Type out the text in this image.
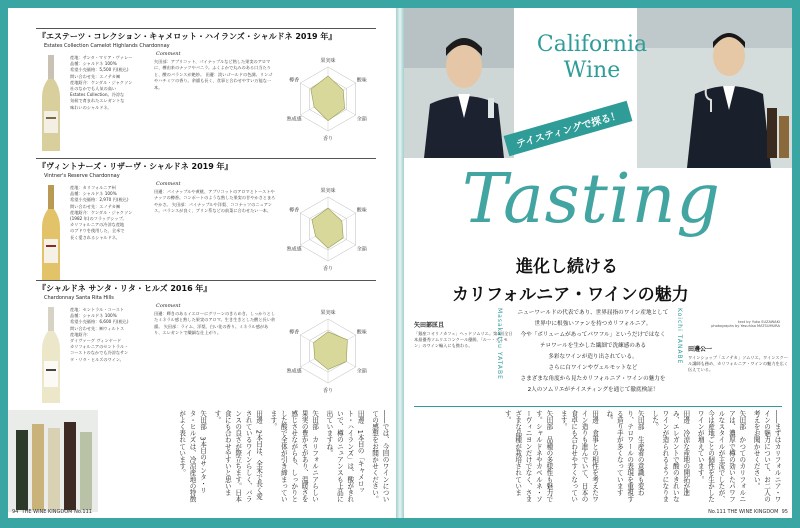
『エステーツ・コレクション・キャメロット・ハイランズ・シャルドネ 2019 年』
Estates Collection Camelot Highlands Chardonnay
産地：サンタ・マリア・ヴァレー
品種：シャルドネ 100%
希望小売価格：5,500 円(税込)
問い合わせ先：エノテカ㈱
産地紹介：ケンダル・ジャクソン
社のなかでも人気の高い
Estates Collection。冷涼な
気候で育まれたエレガントな
味わいのシャルドネ。
Comment
矢田部：アプリコット、パイナップルなど熟した果実のアロマに、樽由来のナッツやバニラ。ふくよかで丸みのある口当たりと、酸のバランスが絶妙。 田邊：淡いゴールドの色調。リンゴやハチミツの香り。余韻も長く、食事と合わせやすい万能な一本。
果実味
酸味
余韻
香り
熟成感
樽香
『ヴィントナーズ・リザーヴ・シャルドネ 2019 年』
Vintner's Reserve Chardonnay
産地：カリフォルニア州
品種：シャルドネ 100%
希望小売価格：2,970 円(税込)
問い合わせ先：エノテカ㈱
産地紹介：ケンダル・ジャクソン
(1982 年)のフラッグシップ。
カリフォルニアの冷涼な産地
のブドウを使用した、全米で
長く愛されるシャルドネ。
Comment
田邊：パイナップルや黄桃、アプリコットのアロマとトーストやナッツの樽香。コンポートのような熟した果実の甘やかさとまろやかさ。 矢田部：パイナップルや洋梨、ココナッツのニュアンス。バランスが良く、ブリン系などの前菜に合わせたい一本。
果実味
酸味
余韻
香り
熟成感
樽香
『シャルドネ サンタ・リタ・ヒルズ 2016 年』
Chardonnay Santa Rita Hills
産地：セントラル・コースト
品種：シャルドネ 100%
希望小売価格：6,600 円(税込)
問い合わせ先：㈱ウィルトス
産地紹介：
ダイヴァーグ ヴィンヤード
カリフォルニアのセントラル・
コーストのなかでも冷涼なサン
タ・リタ・ヒルズのワイン。
Comment
田邊：輝きのあるイエローにグリーンのきらめき。しっかりとしたミネラル感と熟した果実のアロマ。生き生きとした酸と長い余韻。 矢田部：ライム、洋梨、白い花の香り。ミネラル感があり、エレガントで繊細な仕上がり。
果実味
酸味
余韻
香り
熟成感
樽香

――では、今回のワインについての感想をお聞かせください。

田邊　1本目の「キャメロット・ハイランズ」は、酸がきれいで、樽のニュアンスも上品に出ていますね。

矢田部　カリフォルニアらしい果実の豊かさがあり、温暖さを感じさせながらも、しっかりとした酸で全体が引き締まっています。

田邊　2本目は、全米で長く愛されているワインらしく、バランスの良さが際立ちます。日本食にも合わせやすいと思います。

矢田部　3本目のサンタ・リタ・ヒルズは、冷涼産地の特徴がよく表れています。

94 THE WINE KINGDOM No.111
California
Wine
テイスティングで探る！
Tasting
進化し続ける
カリフォルニア・ワインの魅力
ニューワールドの代表であり、世界屈指のワイン産地として
世界中に根強いファンを持つカリフォルニア。
今や「ボリュームがあってパワフル」というだけではなく
テロワールを生かした繊細で洗練感のある
多彩なワインが造り出されている。
さらに白ワインやヴェルモットなど
さまざまな角度から見たカリフォルニア・ワインの魅力を
2人のソムリエがテイスティングを通じて徹底検証！
矢田部匡且
「銀座コオリノカフェ」ヘッドソムリエ。第4回全日本最優秀ソムリエコンクール優勝。「ルー・デュモン」のワイン輸入にも携わる。	Masakatsu YATABE	田邊公一
ワインショップ「エノテカ」ソムリエ。ワインスクール講師も務め、カリフォルニア・ワインの魅力を広く伝えている。
Koichi TANABE	text by Yuko SUZAWAKI
photographs by Yasuhisa MATSUMURA

――まずはカリフォルニア・ワインの魅力について、お二人の考えをお聞かせください。

矢田部　かつてのカリフォルニアは、濃厚で樽の効いたパワフルなスタイルが主流でしたが、今は産地ごとの個性を生かしたワインが増えています。

田邊　冷涼な産地の開拓が進み、エレガントで酸のきれいなワインが造られるようになりました。

矢田部　生産者の意識も変わり、テロワールの表現を重視する造り手が多くなっていますね。

田邊　食事との相性を考えたワイン造りも進んでいて、日本の食卓にも合わせやすくなっています。

矢田部　品種の多様性も魅力です。シャルドネやカベルネ・ソーヴィニヨンだけでなく、さまざまな品種が栽培されています。

No.111 THE WINE KINGDOM 95
